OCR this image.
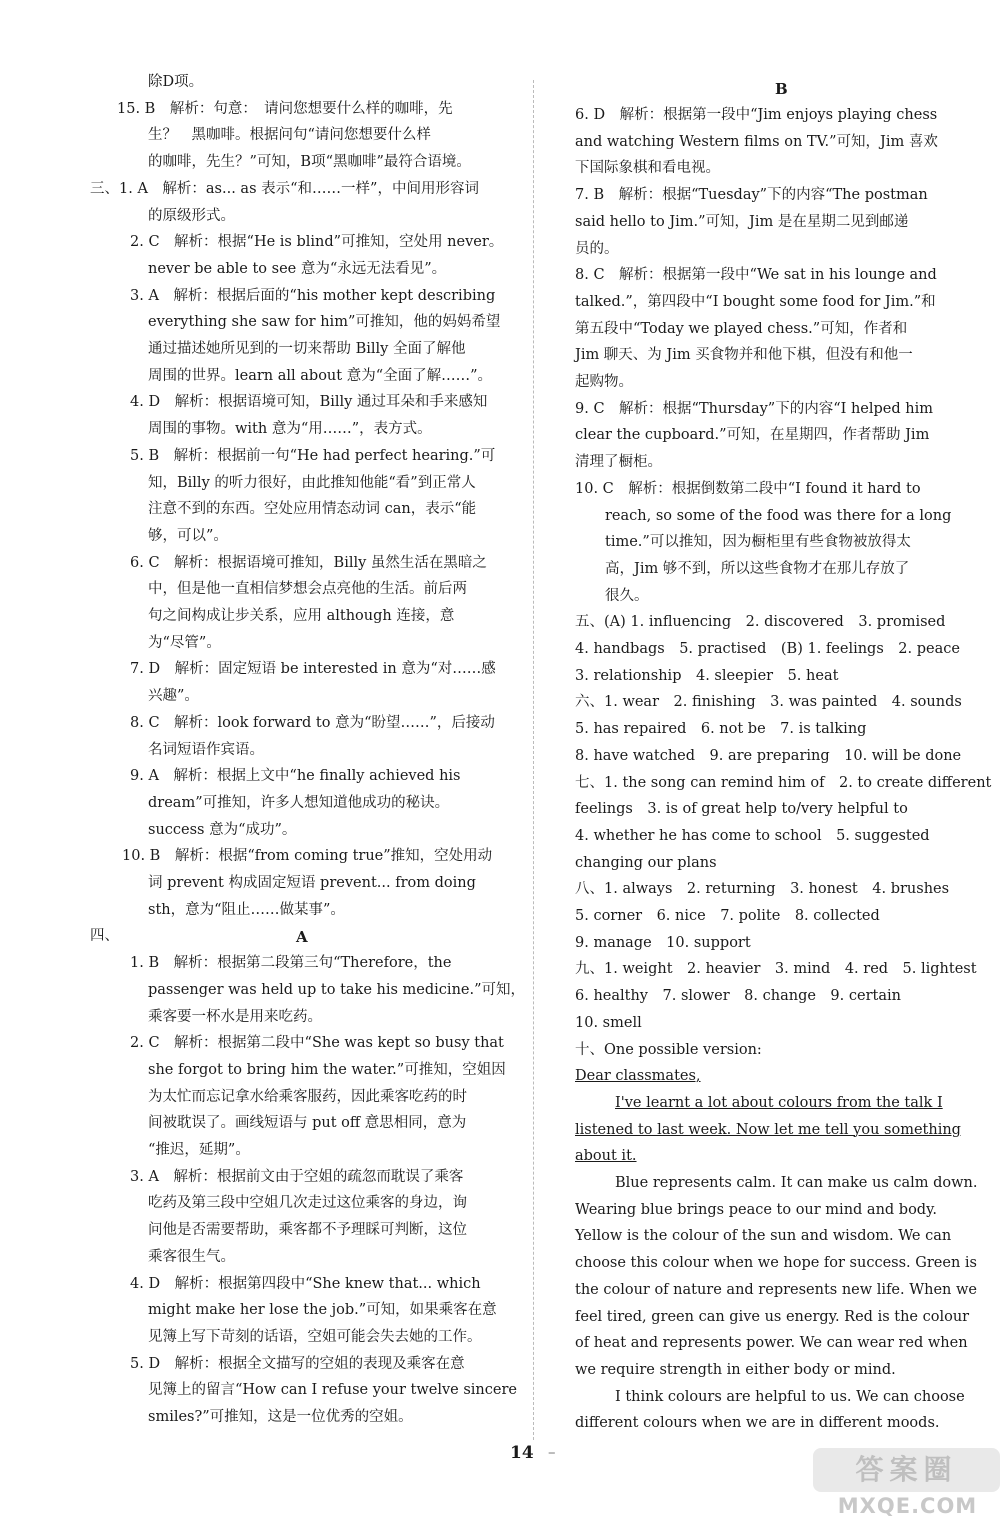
除D项。
15. B　解析：句意：　请问您想要什么样的咖啡，先
生？　黑咖啡。根据问句“请问您想要什么样
的咖啡，先生？”可知，B项“黑咖啡”最符合语境。
三、1. A　解析：as... as 表示“和……一样”，中间用形容词
的原级形式。
2. C　解析：根据“He is blind”可推知，空处用 never。
never be able to see 意为“永远无法看见”。
3. A　解析：根据后面的“his mother kept describing
everything she saw for him”可推知，他的妈妈希望
通过描述她所见到的一切来帮助 Billy 全面了解他
周围的世界。learn all about 意为“全面了解……”。
4. D　解析：根据语境可知，Billy 通过耳朵和手来感知
周围的事物。with 意为“用……”，表方式。
5. B　解析：根据前一句“He had perfect hearing.”可
知，Billy 的听力很好，由此推知他能“看”到正常人
注意不到的东西。空处应用情态动词 can，表示“能
够，可以”。
6. C　解析：根据语境可推知，Billy 虽然生活在黑暗之
中，但是他一直相信梦想会点亮他的生活。前后两
句之间构成让步关系，应用 although 连接，意
为“尽管”。
7. D　解析：固定短语 be interested in 意为“对……感
兴趣”。
8. C　解析：look forward to 意为“盼望……”，后接动
名词短语作宾语。
9. A　解析：根据上文中“he finally achieved his
dream”可推知，许多人想知道他成功的秘诀。
success 意为“成功”。
10. B　解析：根据“from coming true”推知，空处用动
词 prevent 构成固定短语 prevent... from doing
sth，意为“阻止……做某事”。
四、
1. B　解析：根据第二段第三句“Therefore，the
passenger was held up to take his medicine.”可知，
乘客要一杯水是用来吃药。
2. C　解析：根据第二段中“She was kept so busy that
she forgot to bring him the water.”可推知，空姐因
为太忙而忘记拿水给乘客服药，因此乘客吃药的时
间被耽误了。画线短语与 put off 意思相同，意为
“推迟，延期”。
3. A　解析：根据前文由于空姐的疏忽而耽误了乘客
吃药及第三段中空姐几次走过这位乘客的身边，询
问他是否需要帮助，乘客都不予理睬可判断，这位
乘客很生气。
4. D　解析：根据第四段中“She knew that... which
might make her lose the job.”可知，如果乘客在意
见簿上写下苛刻的话语，空姐可能会失去她的工作。
5. D　解析：根据全文描写的空姐的表现及乘客在意
见簿上的留言“How can I refuse your twelve sincere
smiles?”可推知，这是一位优秀的空姐。
6. D　解析：根据第一段中“Jim enjoys playing chess
and watching Western films on TV.”可知，Jim 喜欢
下国际象棋和看电视。
7. B　解析：根据“Tuesday”下的内容“The postman
said hello to Jim.”可知，Jim 是在星期二见到邮递
员的。
8. C　解析：根据第一段中“We sat in his lounge and
talked.”，第四段中“I bought some food for Jim.”和
第五段中“Today we played chess.”可知，作者和
Jim 聊天、为 Jim 买食物并和他下棋，但没有和他一
起购物。
9. C　解析：根据“Thursday”下的内容“I helped him
clear the cupboard.”可知，在星期四，作者帮助 Jim
清理了橱柜。
10. C　解析：根据倒数第二段中“I found it hard to
reach, so some of the food was there for a long
time.”可以推知，因为橱柜里有些食物被放得太
高，Jim 够不到，所以这些食物才在那儿存放了
很久。
五、(A) 1. influencing　2. discovered　3. promised
4. handbags　5. practised　(B) 1. feelings　2. peace
3. relationship　4. sleepier　5. heat
六、1. wear　2. finishing　3. was painted　4. sounds
5. has repaired　6. not be　7. is talking
8. have watched　9. are preparing　10. will be done
七、1. the song can remind him of　2. to create different
feelings　3. is of great help to/very helpful to
4. whether he has come to school　5. suggested
changing our plans
八、1. always　2. returning　3. honest　4. brushes
5. corner　6. nice　7. polite　8. collected
9. manage　10. support
九、1. weight　2. heavier　3. mind　4. red　5. lightest
6. healthy　7. slower　8. change　9. certain
10. smell
十、One possible version:
Dear classmates,
I've learnt a lot about colours from the talk I
listened to last week. Now let me tell you something
about it.
Blue represents calm. It can make us calm down.
Wearing blue brings peace to our mind and body.
Yellow is the colour of the sun and wisdom. We can
choose this colour when we hope for success. Green is
the colour of nature and represents new life. When we
feel tired, green can give us energy. Red is the colour
of heat and represents power. We can wear red when
we require strength in either body or mind.
I think colours are helpful to us. We can choose
different colours when we are in different moods.
A
B
14 –
答案圈
MXQE.COM
